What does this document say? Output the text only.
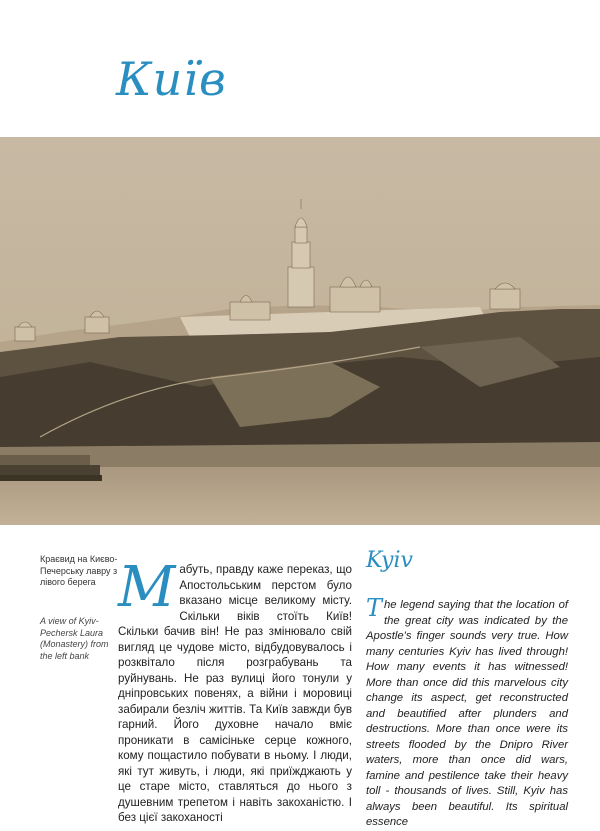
Київ
Краєвид на Києво-Печерську лавру з лівого берега
A view of Kyiv-Pechersk Laura (Monastery) from the left bank
М абуть, правду каже переказ, що Апостольським перстом було вказано місце великому місту. Скільки віків стоїть Київ! Скільки бачив він! Не раз змінювало свій вигляд це чудове місто, відбудовувалось і розквітало після розграбувань та руйнувань. Не раз вулиці його тонули у дніпровських повенях, а війни і моровиці забирали безліч життів. Та Київ завжди був гарний. Його духовне начало вміє проникати в самісіньке серце кожного, кому пощастило побувати в ньому. І люди, які тут живуть, і люди, які приїжджають у це старе місто, ставляться до нього з душевним трепетом і навіть закоханістю. І без цієї закоханості
Kyiv
T he legend saying that the location of the great city was indicated by the Apostle's finger sounds very true. How many centuries Kyiv has lived through! How many events it has witnessed! More than once did this marvelous city change its aspect, get reconstructed and beautified after plunders and destructions. More than once were its streets flooded by the Dnipro River waters, more than once did wars, famine and pestilence take their heavy toll - thousands of lives. Still, Kyiv has always been beautiful. Its spiritual essence
